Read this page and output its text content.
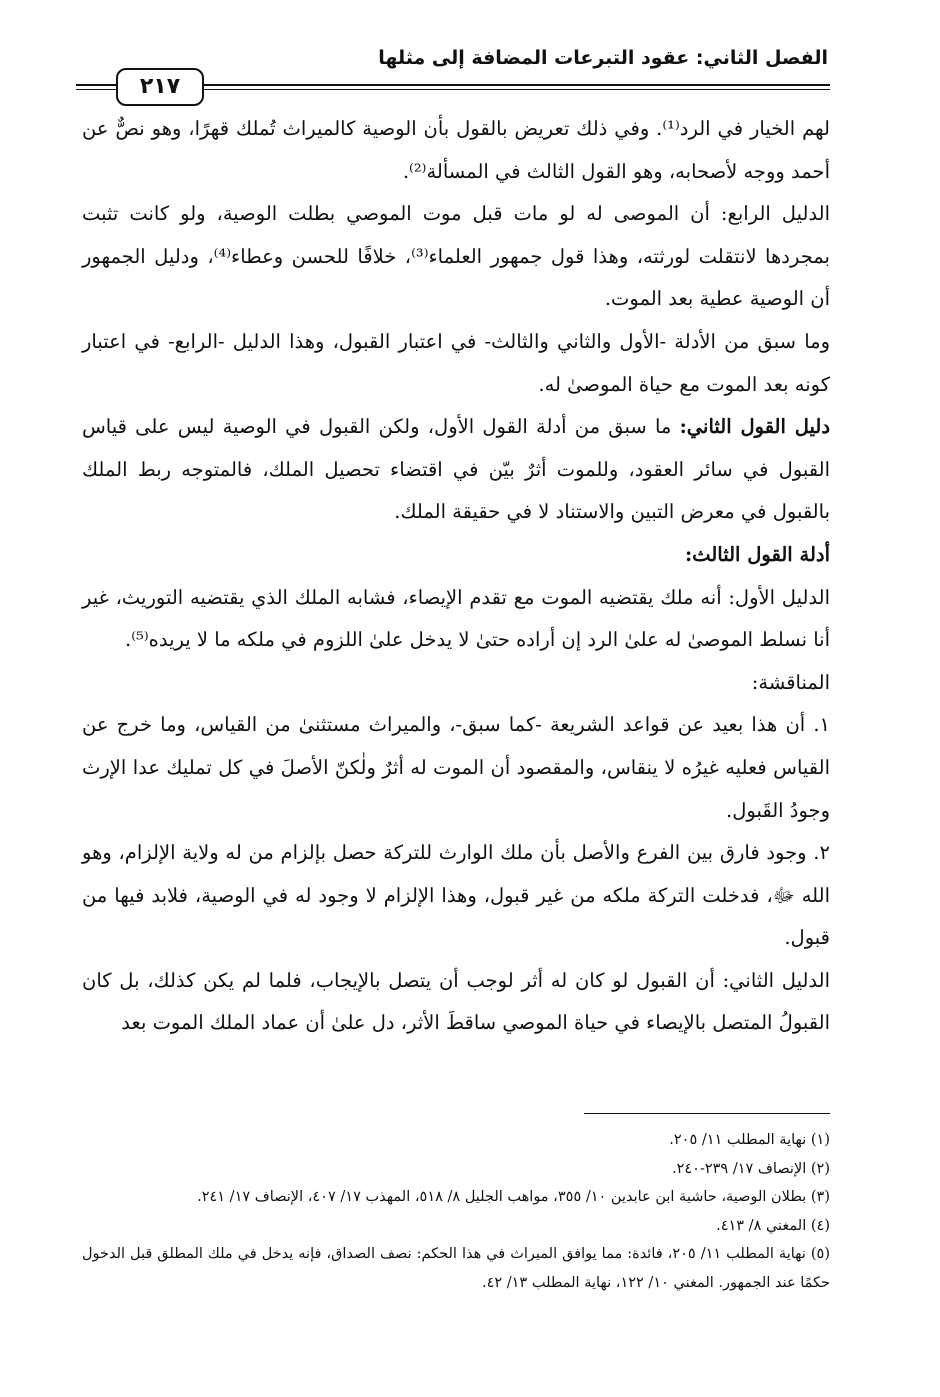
الفصل الثاني: عقود التبرعات المضافة إلى مثلها
٢١٧

لهم الخيار في الرد⁽¹⁾. وفي ذلك تعريض بالقول بأن الوصية كالميراث تُملك قهرًا، وهو نصٌّ عن أحمد ووجه لأصحابه، وهو القول الثالث في المسألة⁽²⁾.

الدليل الرابع: أن الموصى له لو مات قبل موت الموصي بطلت الوصية، ولو كانت تثبت بمجردها لانتقلت لورثته، وهذا قول جمهور العلماء⁽³⁾، خلافًا للحسن وعطاء⁽⁴⁾، ودليل الجمهور أن الوصية عطية بعد الموت.

وما سبق من الأدلة -الأول والثاني والثالث- في اعتبار القبول، وهذا الدليل -الرابع- في اعتبار كونه بعد الموت مع حياة الموصىٰ له.

دليل القول الثاني: ما سبق من أدلة القول الأول، ولكن القبول في الوصية ليس على قياس القبول في سائر العقود، وللموت أثرٌ بيّن في اقتضاء تحصيل الملك، فالمتوجه ربط الملك بالقبول في معرض التبين والاستناد لا في حقيقة الملك.

أدلة القول الثالث:

الدليل الأول: أنه ملك يقتضيه الموت مع تقدم الإيصاء، فشابه الملك الذي يقتضيه التوريث، غير أنا نسلط الموصىٰ له علىٰ الرد إن أراده حتىٰ لا يدخل علىٰ اللزوم في ملكه ما لا يريده⁽⁵⁾.

المناقشة:

١. أن هذا بعيد عن قواعد الشريعة -كما سبق-، والميراث مستثنىٰ من القياس، وما خرج عن القياس فعليه غيرُه لا ينقاس، والمقصود أن الموت له أثرٌ ولٰكنّ الأصلَ في كل تمليك عدا الإرث وجودُ القَبول.

٢. وجود فارق بين الفرع والأصل بأن ملك الوارث للتركة حصل بإلزام من له ولاية الإلزام، وهو الله ﷻ، فدخلت التركة ملكه من غير قبول، وهذا الإلزام لا وجود له في الوصية، فلابد فيها من قبول.

الدليل الثاني: أن القبول لو كان له أثر لوجب أن يتصل بالإيجاب، فلما لم يكن كذلك، بل كان القبولُ المتصل بالإيصاء في حياة الموصي ساقطَ الأثر، دل علىٰ أن عماد الملك الموت بعد

(١) نهاية المطلب ١١/ ٢٠٥.

(٢) الإنصاف ١٧/ ٢٣٩-٢٤٠.

(٣) بطلان الوصية، حاشية ابن عابدين ١٠/ ٣٥٥، مواهب الجليل ٨/ ٥١٨، المهذب ١٧/ ٤٠٧، الإنصاف ١٧/ ٢٤١.

(٤) المغني ٨/ ٤١٣.

(٥) نهاية المطلب ١١/ ٢٠٥، فائدة: مما يوافق الميراث في هذا الحكم: نصف الصداق، فإنه يدخل في ملك المطلق قبل الدخول حكمًا عند الجمهور. المغني ١٠/ ١٢٢، نهاية المطلب ١٣/ ٤٢.
